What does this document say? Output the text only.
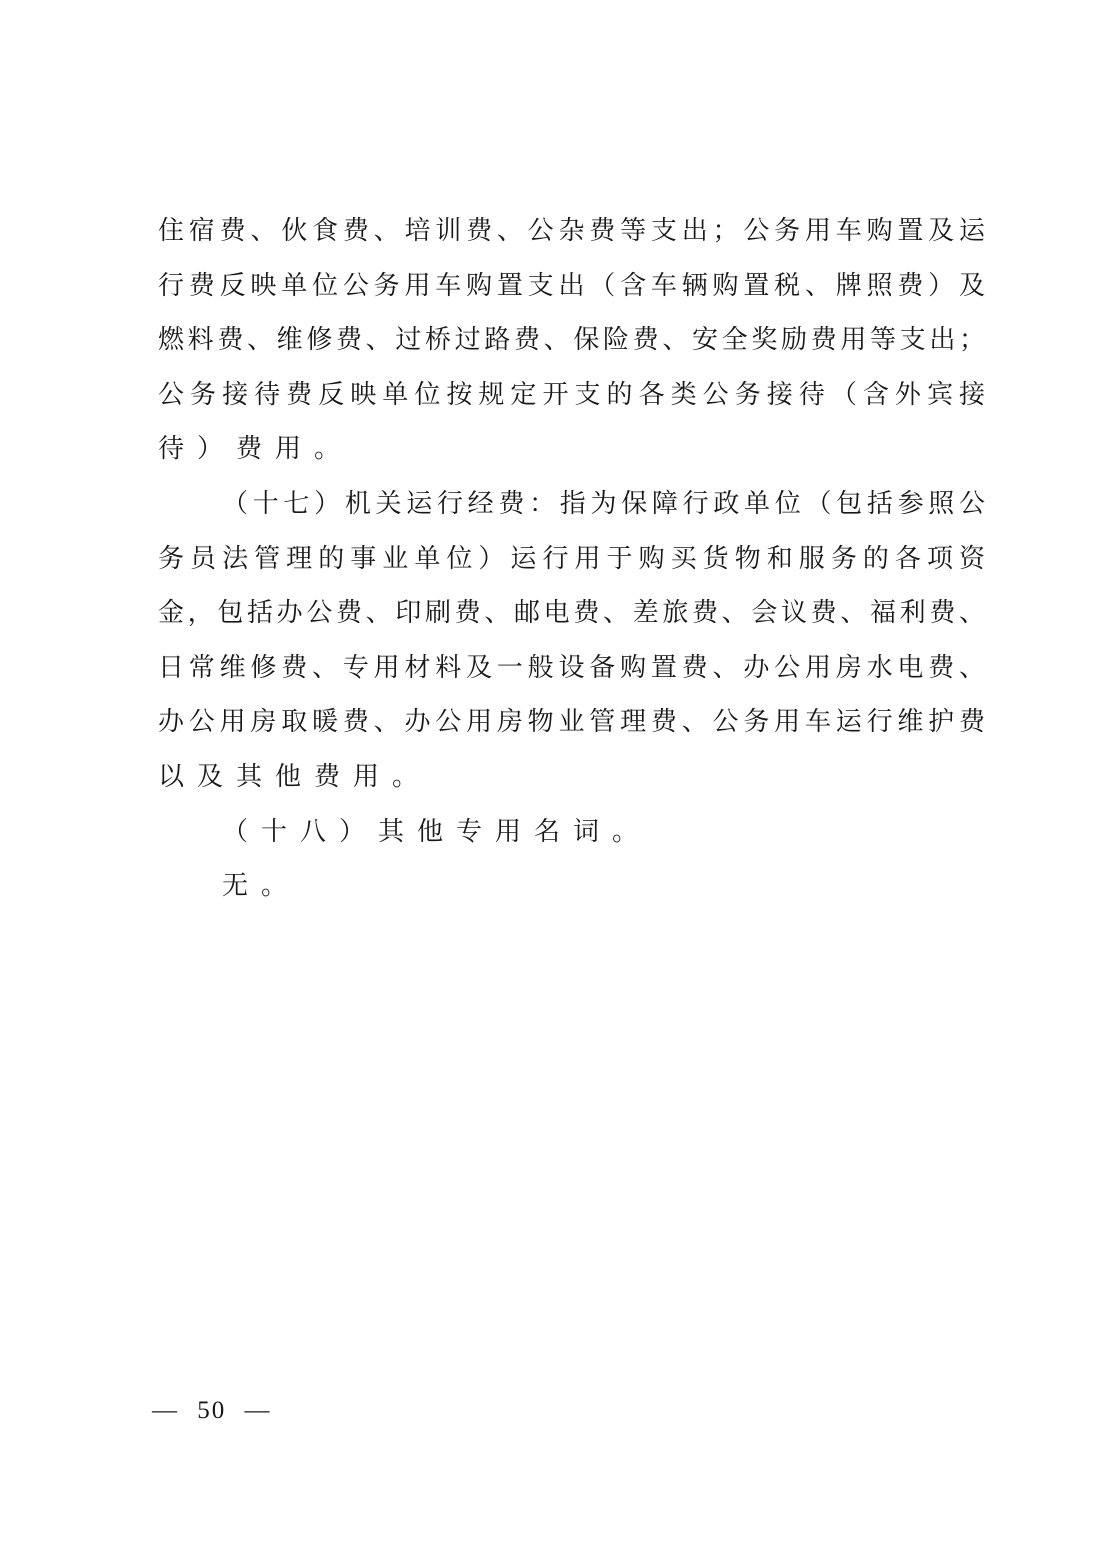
住宿费、伙食费、培训费、公杂费等支出；公务用车购置及运
行费反映单位公务用车购置支出（含车辆购置税、牌照费）及
燃料费、维修费、过桥过路费、保险费、安全奖励费用等支出；
公务接待费反映单位按规定开支的各类公务接待（含外宾接
待）费用。
（十七）机关运行经费：指为保障行政单位（包括参照公
务员法管理的事业单位）运行用于购买货物和服务的各项资
金，包括办公费、印刷费、邮电费、差旅费、会议费、福利费、
日常维修费、专用材料及一般设备购置费、办公用房水电费、
办公用房取暖费、办公用房物业管理费、公务用车运行维护费
以及其他费用。
（十八）其他专用名词。
无。
— 50 —
